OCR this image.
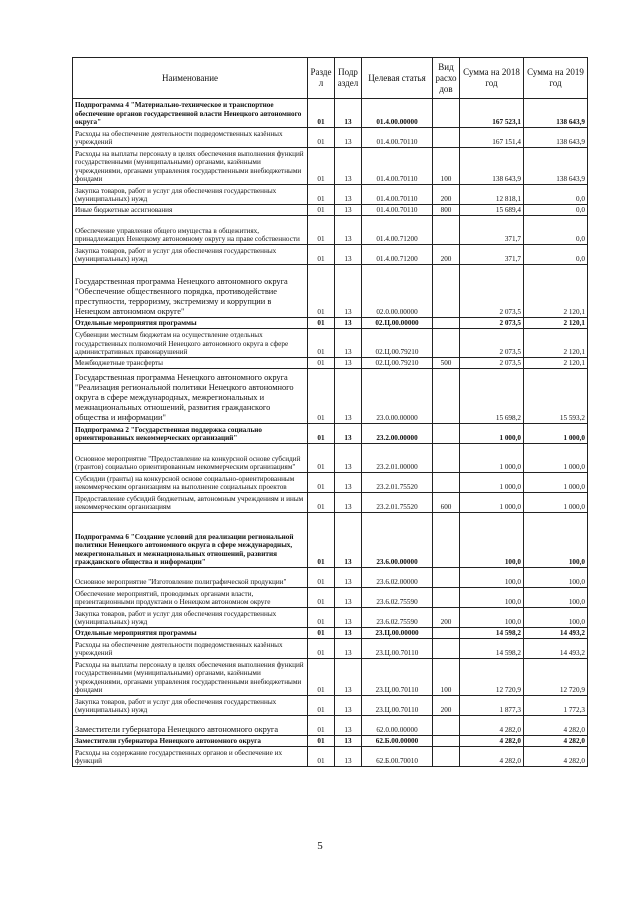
Наименование	Разде л	Подр аздел	Целевая статья	Вид расхо дов	Сумма на 2018 год	Сумма на 2019 год
Подпрограмма 4 "Материально-техническое и транспортное обеспечение органов государственной власти Ненецкого автономного округа"	01	13	01.4.00.00000		167 523,1	138 643,9
Расходы на обеспечение деятельности подведомственных казённых учреждений	01	13	01.4.00.70110		167 151,4	138 643,9
Расходы на выплаты персоналу в целях обеспечения выполнения функций государственными (муниципальными) органами, казёнными учреждениями, органами управления государственными внебюджетными фондами	01	13	01.4.00.70110	100	138 643,9	138 643,9
Закупка товаров, работ и услуг для обеспечения государственных (муниципальных) нужд	01	13	01.4.00.70110	200	12 818,1	0,0
Иные бюджетные ассигнования	01	13	01.4.00.70110	800	15 689,4	0,0
Обеспечение управления общего имущества в общежитиях, принадлежащих Ненецкому автономному округу на праве собственности	01	13	01.4.00.71200		371,7	0,0
Закупка товаров, работ и услуг для обеспечения государственных (муниципальных) нужд	01	13	01.4.00.71200	200	371,7	0,0
Государственная программа Ненецкого автономного округа "Обеспечение общественного порядка, противодействие преступности, терроризму, экстремизму и коррупции в Ненецком автономном округе"	01	13	02.0.00.00000		2 073,5	2 120,1
Отдельные мероприятия программы	01	13	02.Ц.00.00000		2 073,5	2 120,1
Субвенции местным бюджетам на осуществление отдельных государственных полномочий Ненецкого автономного округа в сфере административных правонарушений	01	13	02.Ц.00.79210		2 073,5	2 120,1
Межбюджетные трансферты	01	13	02.Ц.00.79210	500	2 073,5	2 120,1
Государственная программа Ненецкого автономного округа "Реализация региональной политики Ненецкого автономного округа в сфере международных, межрегиональных и межнациональных отношений, развития гражданского общества и информации"	01	13	23.0.00.00000		15 698,2	15 593,2
Подпрограмма 2 "Государственная поддержка социально ориентированных некоммерческих организаций"	01	13	23.2.00.00000		1 000,0	1 000,0
Основное мероприятие "Предоставление на конкурсной основе субсидий (грантов) социально ориентированным некоммерческим организациям"	01	13	23.2.01.00000		1 000,0	1 000,0
Субсидии (гранты) на конкурсной основе социально-ориентированным некоммерческим организациям на выполнение социальных проектов	01	13	23.2.01.75520		1 000,0	1 000,0
Предоставление субсидий бюджетным, автономным учреждениям и иным некоммерческим организациям	01	13	23.2.01.75520	600	1 000,0	1 000,0
Подпрограмма 6 "Создание условий для реализации региональной политики Ненецкого автономного округа в сфере международных, межрегиональных и межнациональных отношений, развития гражданского общества и информации"	01	13	23.6.00.00000		100,0	100,0
Основное мероприятие "Изготовление полиграфической продукции"	01	13	23.6.02.00000		100,0	100,0
Обеспечение мероприятий, проводимых органами власти, презентационными продуктами о Ненецком автономном округе	01	13	23.6.02.75590		100,0	100,0
Закупка товаров, работ и услуг для обеспечения государственных (муниципальных) нужд	01	13	23.6.02.75590	200	100,0	100,0
Отдельные мероприятия программы	01	13	23.Ц.00.00000		14 598,2	14 493,2
Расходы на обеспечение деятельности подведомственных казённых учреждений	01	13	23.Ц.00.70110		14 598,2	14 493,2
Расходы на выплаты персоналу в целях обеспечения выполнения функций государственными (муниципальными) органами, казёнными учреждениями, органами управления государственными внебюджетными фондами	01	13	23.Ц.00.70110	100	12 720,9	12 720,9
Закупка товаров, работ и услуг для обеспечения государственных (муниципальных) нужд	01	13	23.Ц.00.70110	200	1 877,3	1 772,3
Заместители губернатора Ненецкого автономного округа	01	13	62.0.00.00000		4 282,0	4 282,0
Заместители губернатора Ненецкого автономного округа	01	13	62.Б.00.00000		4 282,0	4 282,0
Расходы на содержание государственных органов и обеспечение их функций	01	13	62.Б.00.70010		4 282,0	4 282,0
5
